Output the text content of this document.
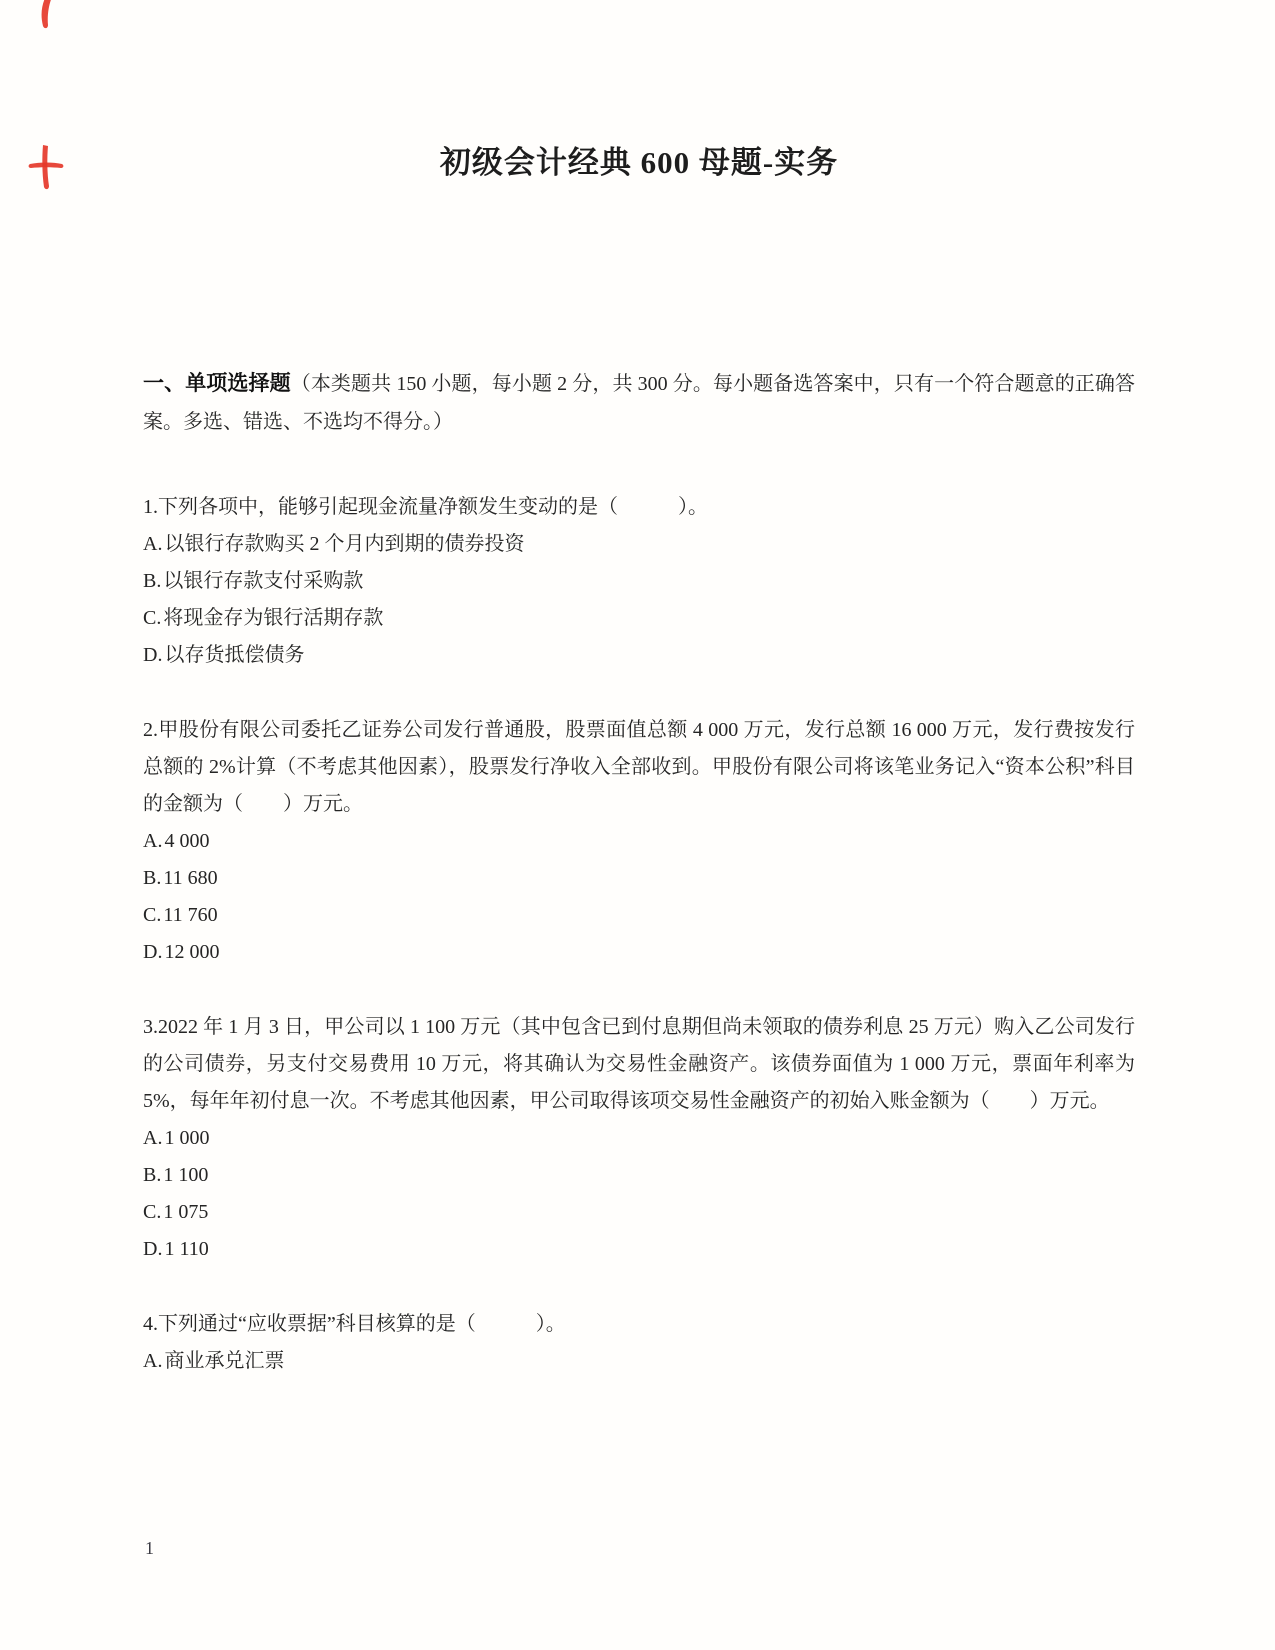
初级会计经典 600 母题-实务

一、单项选择题（本类题共 150 小题，每小题 2 分，共 300 分。每小题备选答案中，只有一个符合题意的正确答案。多选、错选、不选均不得分。）

1.下列各项中，能够引起现金流量净额发生变动的是（　　　）。

A. 以银行存款购买 2 个月内到期的债券投资
B. 以银行存款支付采购款
C. 将现金存为银行活期存款
D. 以存货抵偿债务

2.甲股份有限公司委托乙证券公司发行普通股，股票面值总额 4 000 万元，发行总额 16 000 万元，发行费按发行总额的 2%计算（不考虑其他因素），股票发行净收入全部收到。甲股份有限公司将该笔业务记入“资本公积”科目的金额为（　　）万元。

A. 4 000
B. 11 680
C. 11 760
D. 12 000

3.2022 年 1 月 3 日，甲公司以 1 100 万元（其中包含已到付息期但尚未领取的债券利息 25 万元）购入乙公司发行的公司债券，另支付交易费用 10 万元，将其确认为交易性金融资产。该债券面值为 1 000 万元，票面年利率为 5%，每年年初付息一次。不考虑其他因素，甲公司取得该项交易性金融资产的初始入账金额为（　　）万元。

A. 1 000
B. 1 100
C. 1 075
D. 1 110

4.下列通过“应收票据”科目核算的是（　　　）。

A. 商业承兑汇票
1
